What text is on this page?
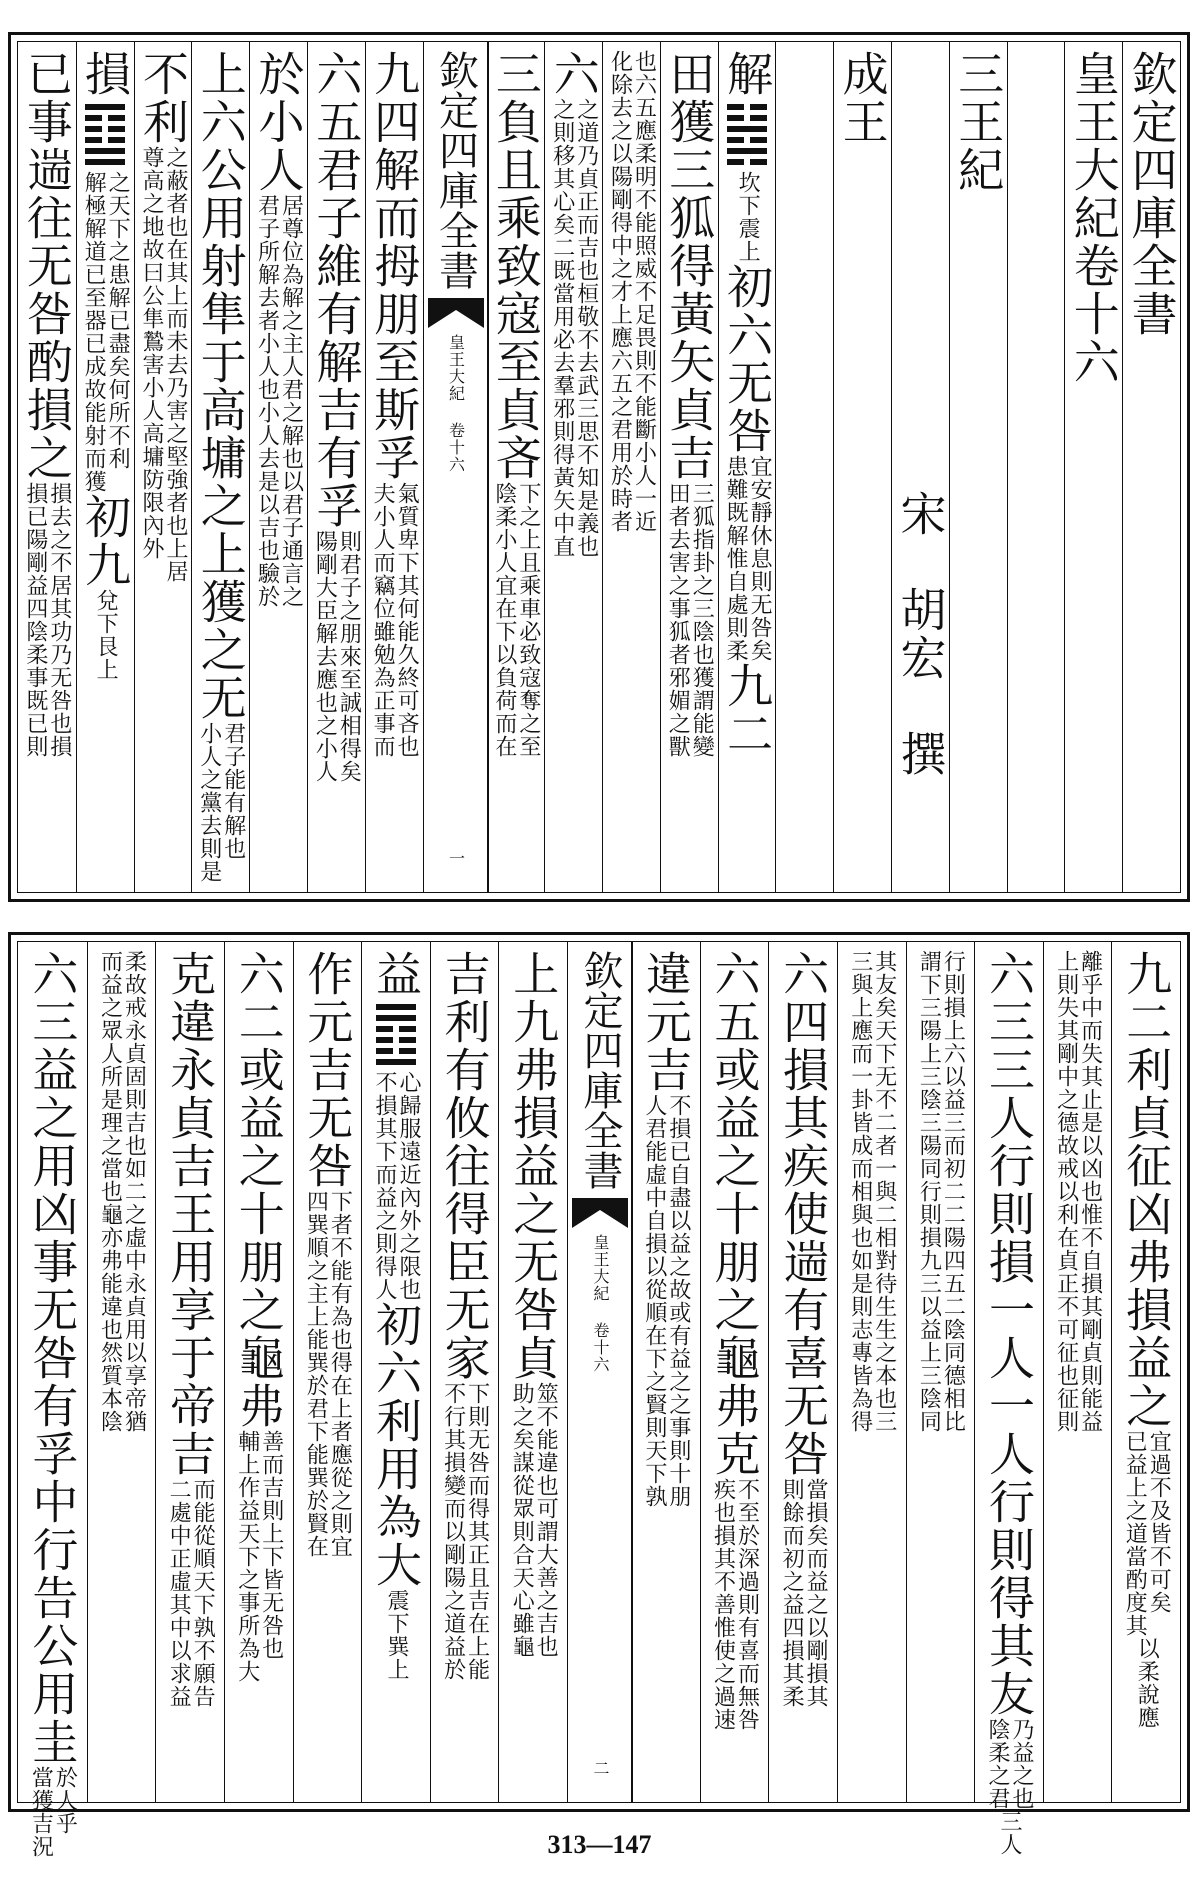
欽定四庫全書
皇王大紀卷十六
三王紀
宋　胡宏　撰
成王
解
坎下震上
初六无咎
患難既解惟自處則柔 宜安靜休息則无咎矣
九二
田獲三狐得黃矢貞吉
田者去害之事狐者邪媚之獸 三狐指卦之三陰也獲謂能變
化除去之以陽剛得中之才上應六五之君用於時者 也六五應柔明不能照威不足畏則不能斷小人一近
六
之則移其心矣二既當用必去羣邪則得黃矢中直 之道乃貞正而吉也桓敬不去武三思不知是義也
三負且乘致寇至貞吝
陰柔小人宜在下以負荷而在 下之上且乘車必致寇奪之至
欽定四庫全書
皇王大紀 卷十六
一
九四解而拇朋至斯孚
夫小人而竊位雖勉為正事而 氣質卑下其何能久終可吝也
六五君子維有解吉有孚
陽剛大臣解去應也之小人 則君子之朋來至誠相得矣
於小人
君子所解去者小人也小人去是以吉也驗於 居尊位為解之主人君之解也以君子通言之
上六公用射隼于高墉之上獲之无
小人之黨去則是 君子能有解也
不利
尊高之地故曰公隼鷙害小人高墉防限內外 之蔽者也在其上而未去乃害之堅強者也上居
損
解極解道已至器已成故能射而獲 之天下之患解已盡矣何所不利
初九
兌下艮上
已事遄往无咎酌損之
損已陽剛益四陰柔事既已則 損去之不居其功乃无咎也損
九二利貞征凶弗損益之
已益上之道當酌度其 宜過不及皆不可矣
以柔說應
上則失其剛中之德故戒以利在貞正不可征也征則 離乎中而失其止是以凶也惟不自損其剛貞則能益
六三三人行則損一人一人行則得其友
陰柔之君 乃益之也
三人
謂下三陽上三陰三陽同行則損九三以益上三陰同 行則損上六以益三而初二二陽四五二陰同德相比
三與上應而一卦皆成而相與也如是則志專皆為得 其友矣天下无不二者一與二相對待生生之本也三
六四損其疾使遄有喜无咎
則餘而 當損矣
初之益四損其柔 而益之以剛損其
六五或益之十朋之龜弗克
疾也損其不善惟使之過速 不至於深過則有喜而無咎
違元吉
人君能虛中自損以從順在下之賢則天下孰 不損已自盡以益之故或有益之之事則十朋
欽定四庫全書
皇王大紀 卷十六
二
上九弗損益之无咎貞
助之矣謀從眾則合天心雖龜 筮不能違也可謂大善之吉也
吉利有攸往得臣无家
不行其損變而以剛陽之道益於 下則无咎而得其正且吉在上能
益
不損其下而益之則得人 心歸服遠近內外之限也
初六利用為大
震下巽上
作元吉无咎
四巽順之主上能巽於君下能巽於賢在 下者不能有為也得在上者應從之則宜
六二或益之十朋之龜弗
輔上作益天下之事所為大 善而吉則上下皆无咎也
克違永貞吉王用享于帝吉
二處中正虛其中以求益 而能從順天下孰不願告
而益之眾人所是理之當也龜亦弗能違也然質本陰 柔故戒永貞固則吉也如二之虛中永貞用以享帝猶
六三益之用凶事无咎有孚中行告公用圭
當獲吉況 於人乎
313—147
